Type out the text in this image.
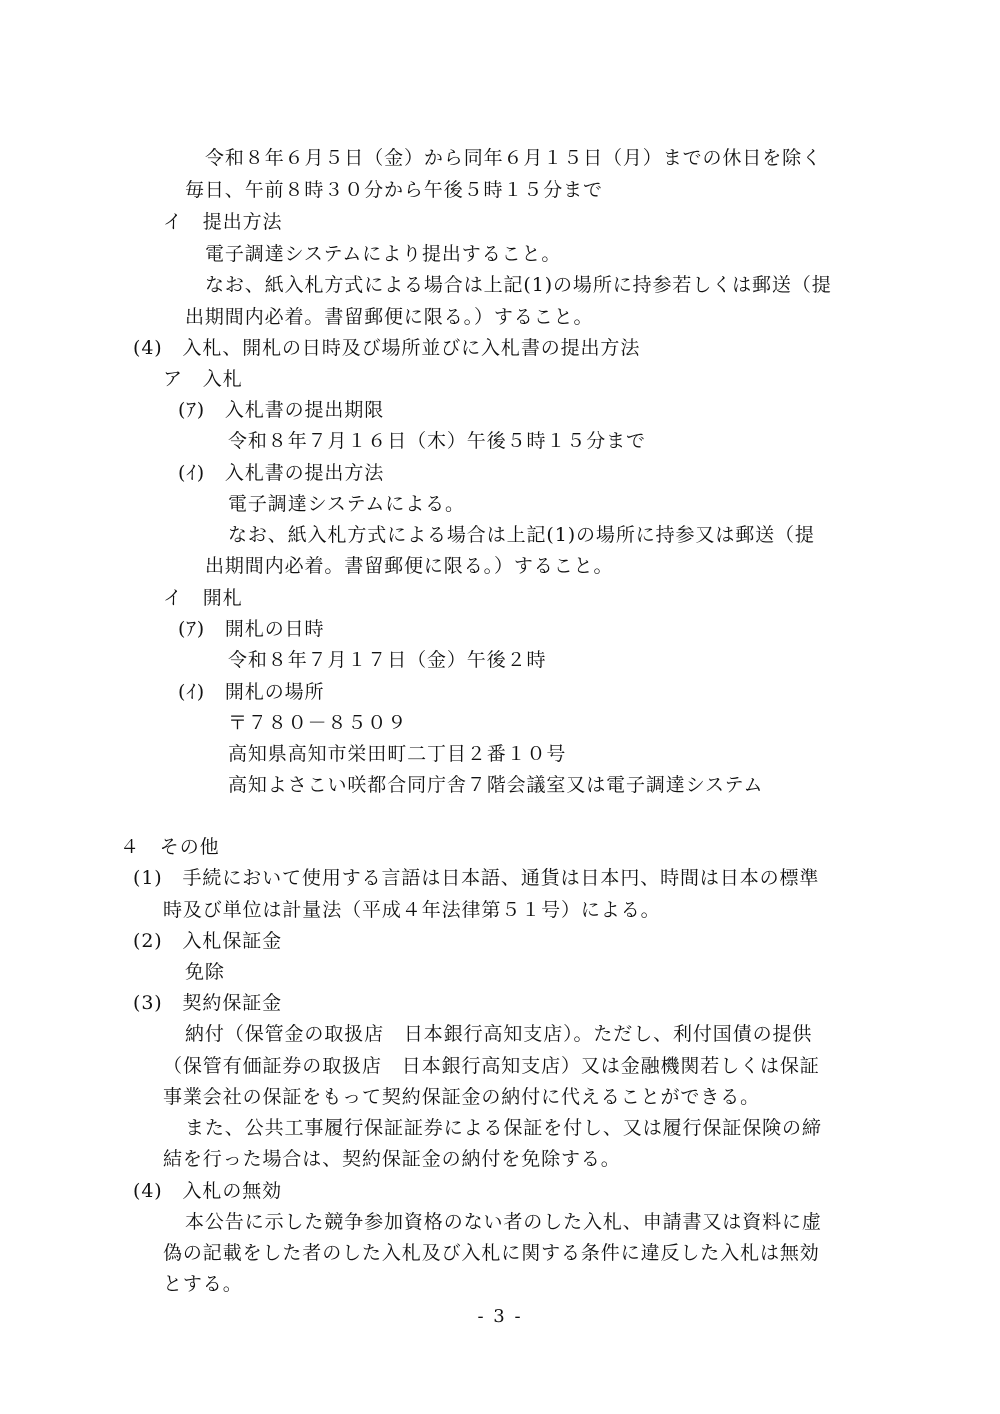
令和８年６月５日（金）から同年６月１５日（月）までの休日を除く
毎日、午前８時３０分から午後５時１５分まで
イ　提出方法
電子調達システムにより提出すること。
なお、紙入札方式による場合は上記(1)の場所に持参若しくは郵送（提
出期間内必着。書留郵便に限る。）すること。
(4)　入札、開札の日時及び場所並びに入札書の提出方法
ア　入札
(ｱ)　入札書の提出期限
令和８年７月１６日（木）午後５時１５分まで
(ｲ)　入札書の提出方法
電子調達システムによる。
なお、紙入札方式による場合は上記(1)の場所に持参又は郵送（提
出期間内必着。書留郵便に限る。）すること。
イ　開札
(ｱ)　開札の日時
令和８年７月１７日（金）午後２時
(ｲ)　開札の場所
〒７８０－８５０９
高知県高知市栄田町二丁目２番１０号
高知よさこい咲都合同庁舎７階会議室又は電子調達システム
４　その他
(1)　手続において使用する言語は日本語、通貨は日本円、時間は日本の標準
時及び単位は計量法（平成４年法律第５１号）による。
(2)　入札保証金
免除
(3)　契約保証金
納付（保管金の取扱店　日本銀行高知支店）。ただし、利付国債の提供
（保管有価証券の取扱店　日本銀行高知支店）又は金融機関若しくは保証
事業会社の保証をもって契約保証金の納付に代えることができる。
また、公共工事履行保証証券による保証を付し、又は履行保証保険の締
結を行った場合は、契約保証金の納付を免除する。
(4)　入札の無効
本公告に示した競争参加資格のない者のした入札、申請書又は資料に虚
偽の記載をした者のした入札及び入札に関する条件に違反した入札は無効
とする。
- 3 -
